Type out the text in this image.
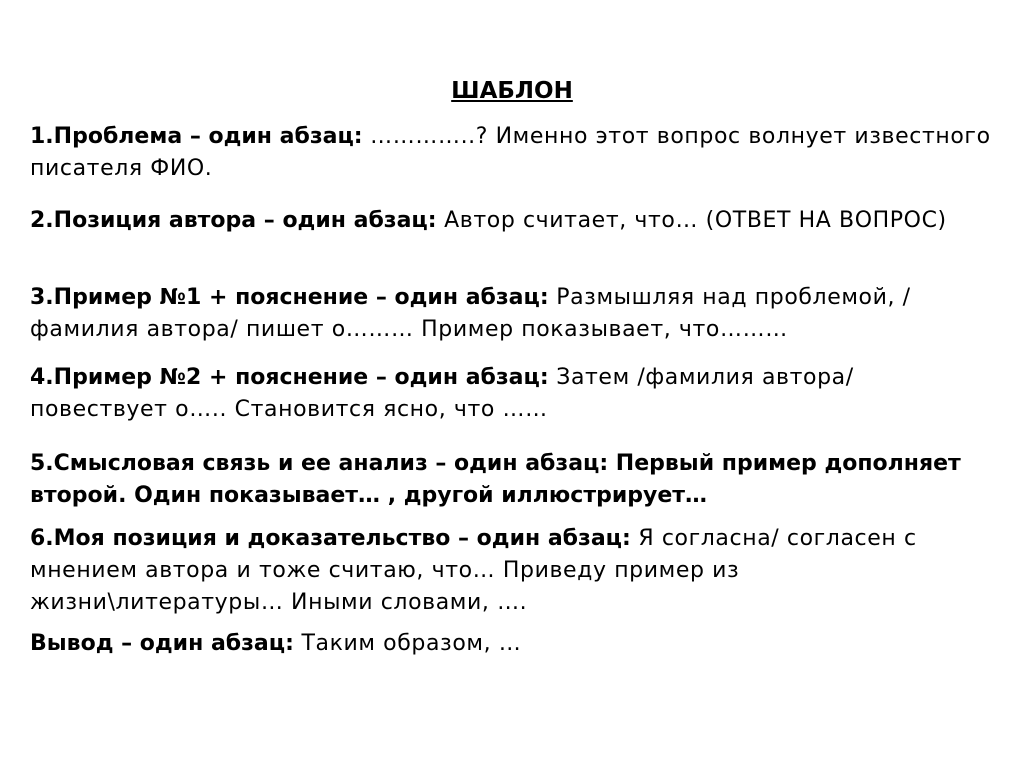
ШАБЛОН
1.Проблема – один абзац: …………..? Именно этот вопрос волнует известного писателя ФИО.
2.Позиция автора – один абзац: Автор считает, что… (ОТВЕТ НА ВОПРОС)
3.Пример №1 + пояснение – один абзац: Размышляя над проблемой, /фамилия автора/ пишет о……… Пример показывает, что………
4.Пример №2 + пояснение – один абзац: Затем /фамилия автора/ повествует о….. Становится ясно, что ……
5.Смысловая связь и ее анализ – один абзац: Первый пример дополняет второй. Один показывает… , другой иллюстрирует…
6.Моя позиция и доказательство – один абзац: Я согласна/ согласен с мнением автора и тоже считаю, что… Приведу пример из жизни\литературы… Иными словами, ….
Вывод – один абзац: Таким образом, …
